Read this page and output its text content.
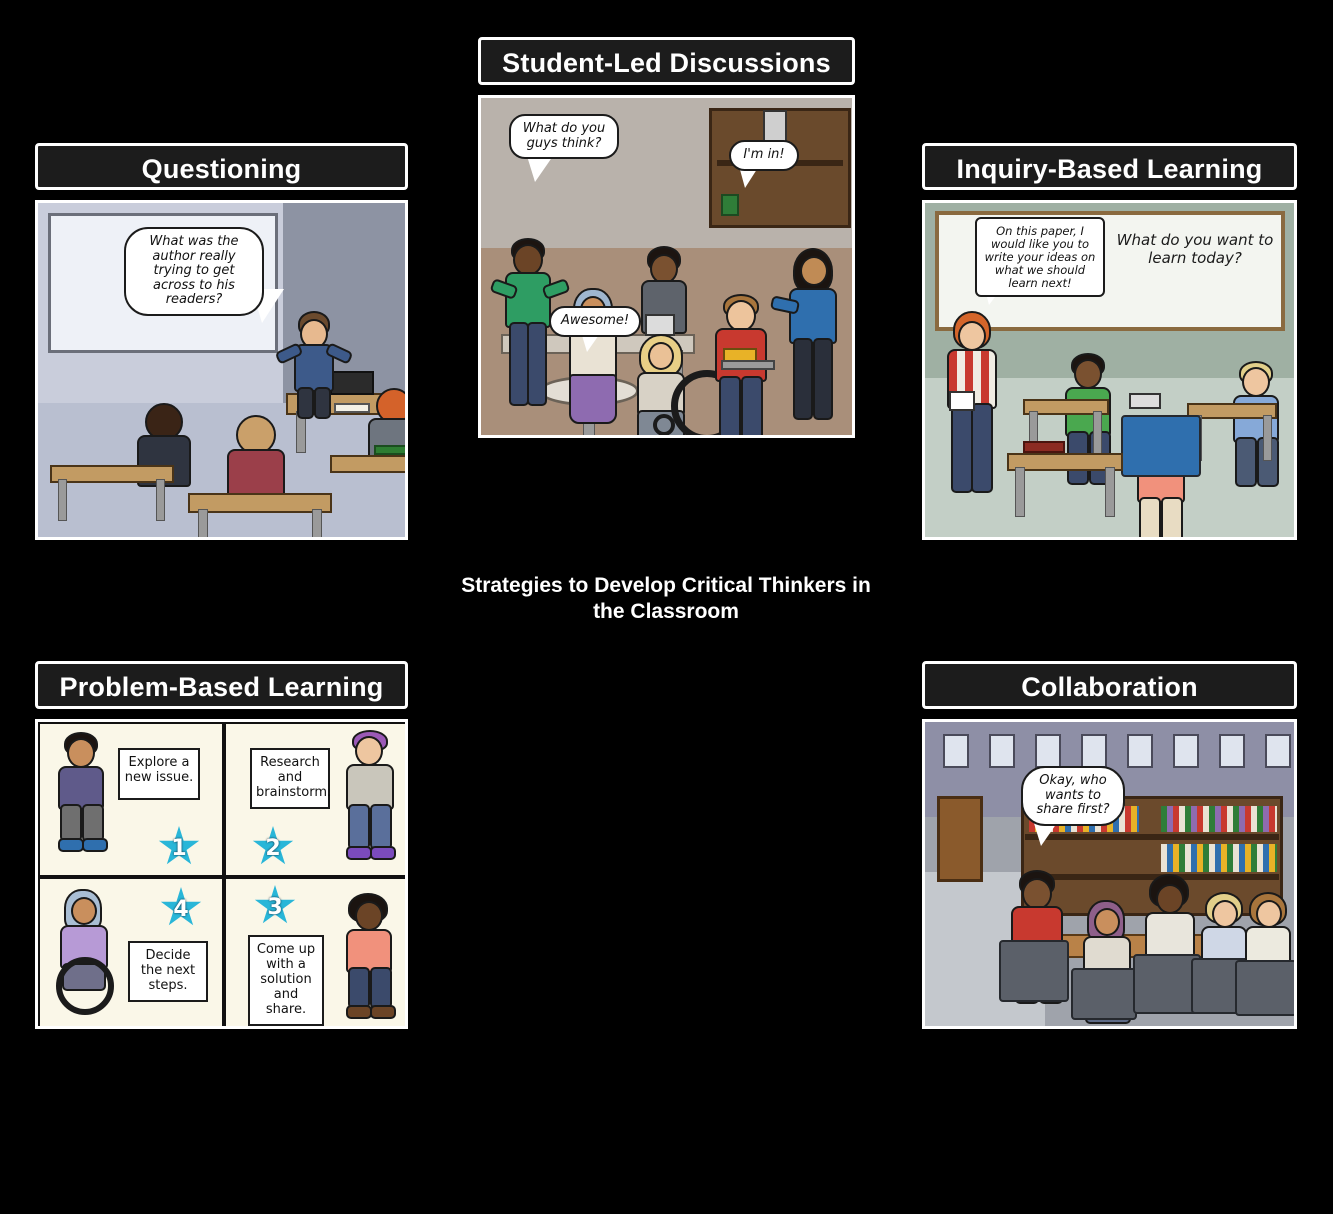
Questioning
What was the author really trying to get across to his readers?
Student-Led Discussions
What do you guys think?
I'm in!
Awesome!
Inquiry-Based Learning
What do you want to learn today?
On this paper, I would like you to write your ideas on what we should learn next!
Strategies to Develop Critical Thinkers in the Classroom
Problem-Based Learning
Explore a new issue.
1
Research and brainstorm.
2
Decide the next steps.
4
Come up with a solution and share.
3
Collaboration
Okay, who wants to share first?
